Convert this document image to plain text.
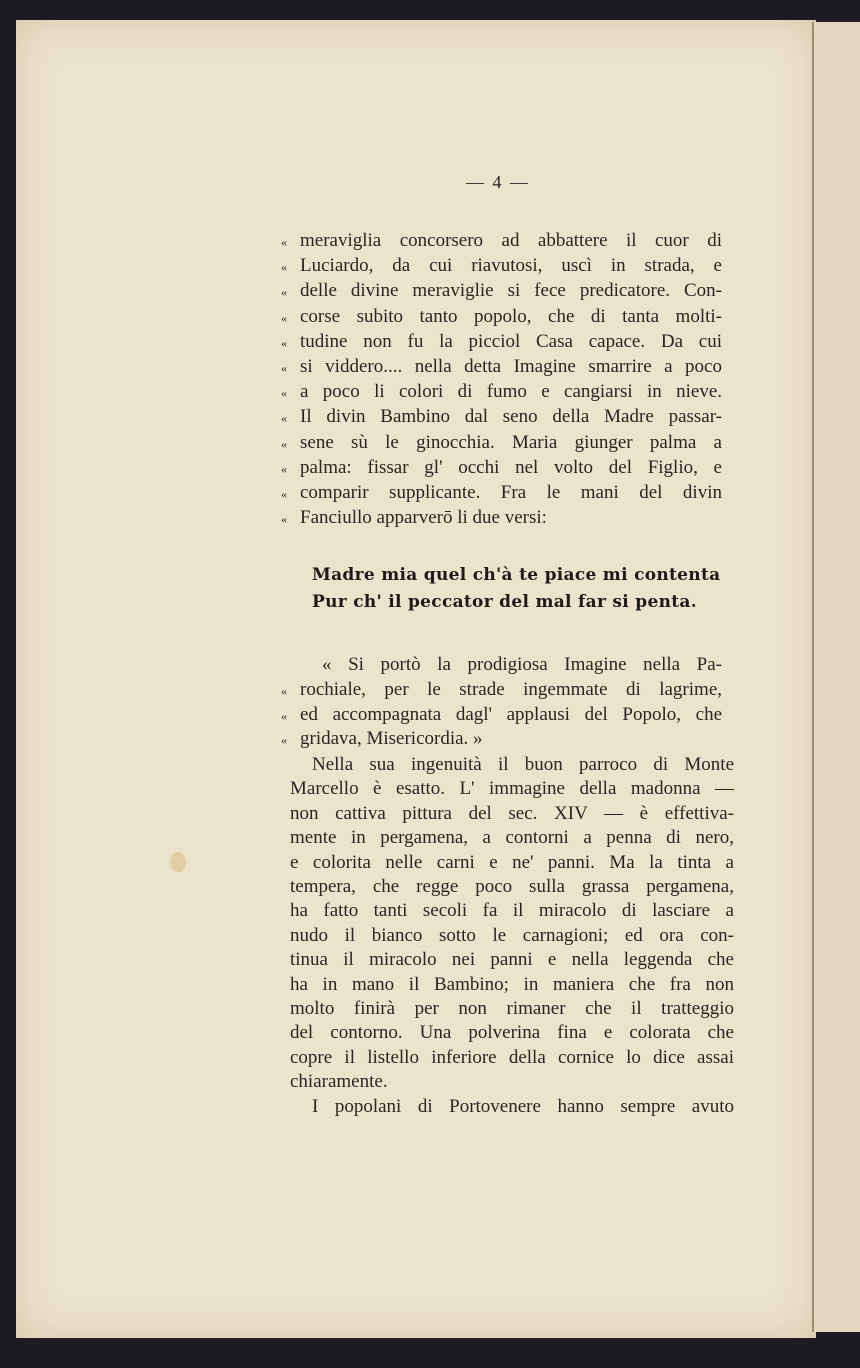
— 4 —
« meraviglia concorsero ad abbattere il cuor di
« Luciardo, da cui riavutosi, uscì in strada, e
« delle divine meraviglie si fece predicatore. Con-
« corse subito tanto popolo, che di tanta molti-
« tudine non fu la picciol Casa capace. Da cui
« si viddero.... nella detta Imagine smarrire a poco
« a poco li colori di fumo e cangiarsi in nieve.
« Il divin Bambino dal seno della Madre passar-
« sene sù le ginocchia. Maria giunger palma a
« palma: fissar gl' occhi nel volto del Figlio, e
« comparir supplicante. Fra le mani del divin
« Fanciullo apparverō li due versi:
Madre mia quel ch'à te piace mi contenta
Pur ch' il peccator del mal far si penta.
« Si portò la prodigiosa Imagine nella Pa-
« rochiale, per le strade ingemmate di lagrime,
« ed accompagnata dagl' applausi del Popolo, che
« gridava, Misericordia. »
Nella sua ingenuità il buon parroco di Monte
Marcello è esatto. L' immagine della madonna —
non cattiva pittura del sec. XIV — è effettiva-
mente in pergamena, a contorni a penna di nero,
e colorita nelle carni e ne' panni. Ma la tinta a
tempera, che regge poco sulla grassa pergamena,
ha fatto tanti secoli fa il miracolo di lasciare a
nudo il bianco sotto le carnagioni; ed ora con-
tinua il miracolo nei panni e nella leggenda che
ha in mano il Bambino; in maniera che fra non
molto finirà per non rimaner che il tratteggio
del contorno. Una polverina fina e colorata che
copre il listello inferiore della cornice lo dice assai
chiaramente.
I popolani di Portovenere hanno sempre avuto
